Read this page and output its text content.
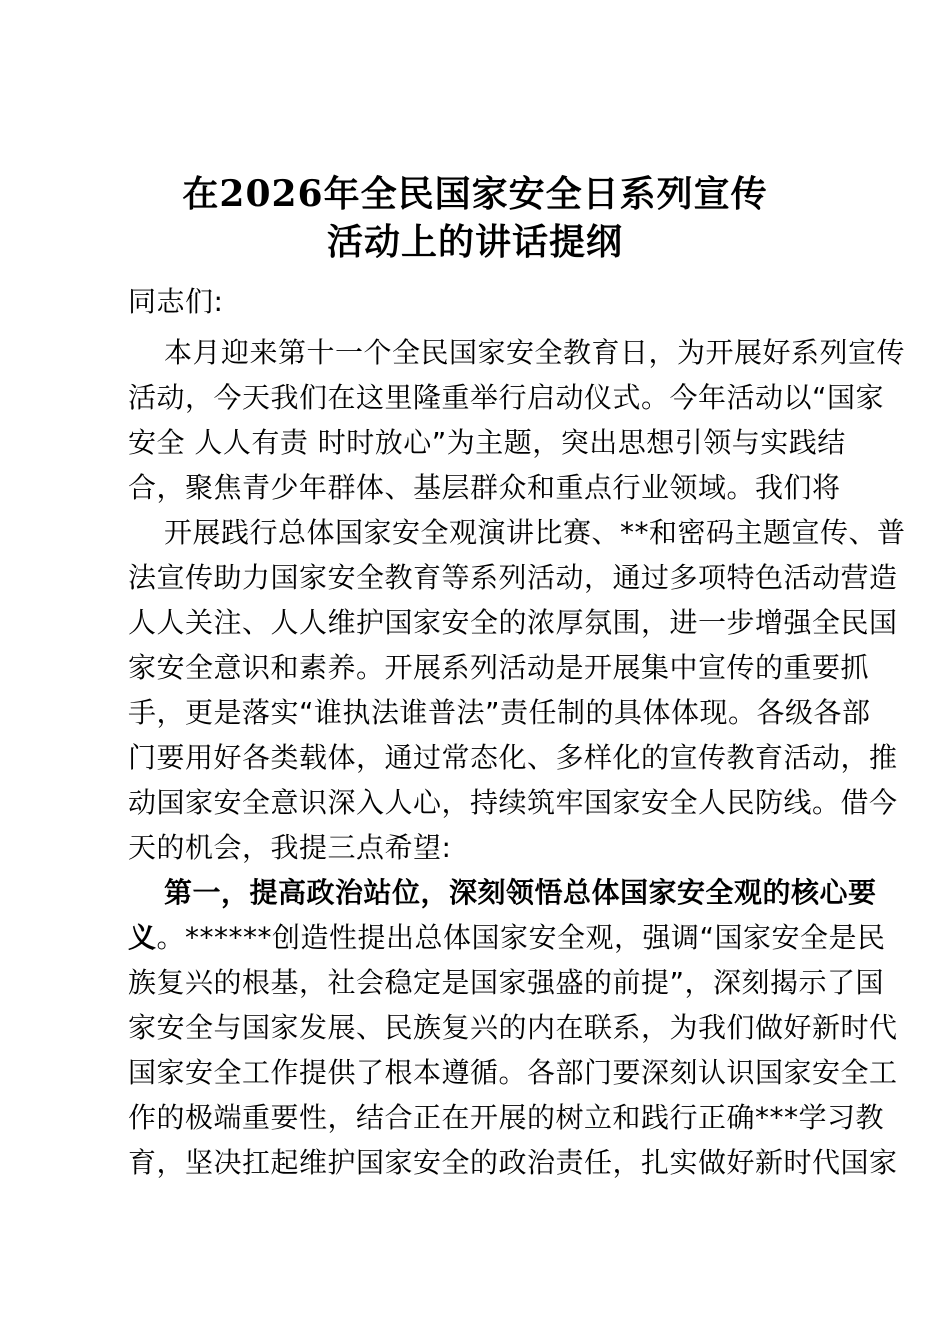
在2026年全民国家安全日系列宣传
活动上的讲话提纲
同志们:
本月迎来第十一个全民国家安全教育日，为开展好系列宣传
活动，今天我们在这里隆重举行启动仪式。今年活动以“国家
安全 人人有责 时时放心”为主题，突出思想引领与实践结
合，聚焦青少年群体、基层群众和重点行业领域。我们将
开展践行总体国家安全观演讲比赛、**和密码主题宣传、普
法宣传助力国家安全教育等系列活动，通过多项特色活动营造
人人关注、人人维护国家安全的浓厚氛围，进一步增强全民国
家安全意识和素养。开展系列活动是开展集中宣传的重要抓
手，更是落实“谁执法谁普法”责任制的具体体现。各级各部
门要用好各类载体，通过常态化、多样化的宣传教育活动，推
动国家安全意识深入人心，持续筑牢国家安全人民防线。借今
天的机会，我提三点希望:
第一，提高政治站位，深刻领悟总体国家安全观的核心要
义。******创造性提出总体国家安全观，强调“国家安全是民
族复兴的根基，社会稳定是国家强盛的前提”，深刻揭示了国
家安全与国家发展、民族复兴的内在联系，为我们做好新时代
国家安全工作提供了根本遵循。各部门要深刻认识国家安全工
作的极端重要性，结合正在开展的树立和践行正确***学习教
育，坚决扛起维护国家安全的政治责任，扎实做好新时代国家
